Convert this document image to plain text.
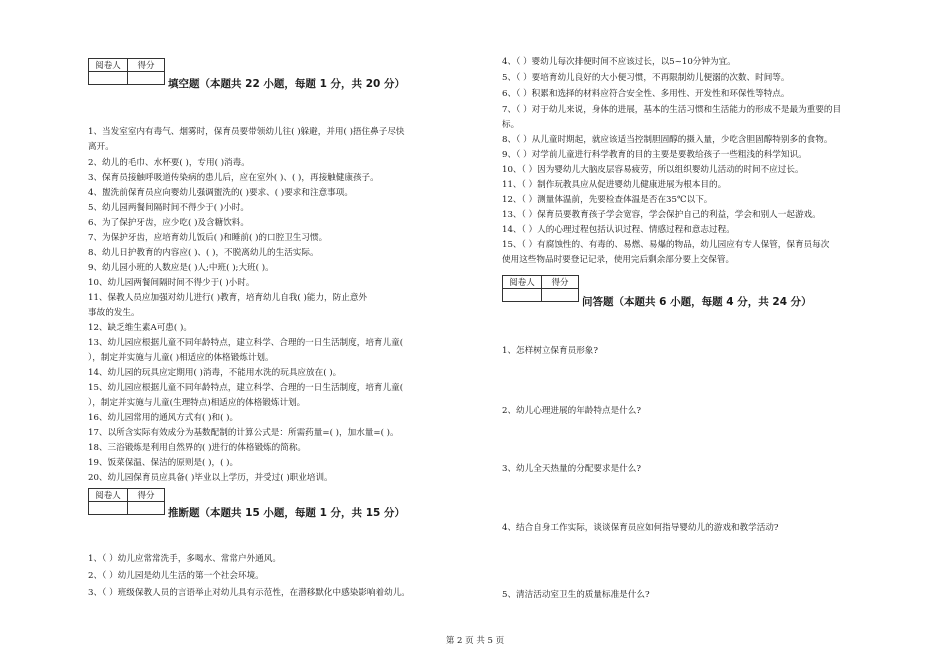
阅卷人	得分

填空题（本题共 22 小题，每题 1 分，共 20 分）
1、当发室室内有毒气、烟雾时，保育员要带领幼儿往( )躲避，并用( )捂住鼻子尽快
离开。
2、幼儿的毛巾、水杯要( )，专用( )消毒。
3、保育员接触呼吸道传染病的患儿后，应在室外( )、( )，再接触健康孩子。
4、盥洗前保育员应向婴幼儿强调盥洗的( )要求、( )要求和注意事项。
5、幼儿园两餐间隔时间不得少于( )小时。
6、为了保护牙齿，应少吃( )及含糖饮料。
7、为保护牙齿，应培育幼儿饭后( )和睡前( )的口腔卫生习惯。
8、幼儿日护教育的内容应( )、( )，不脱离幼儿的生活实际。
9、幼儿园小班的人数应是( )人;中班( );大班( )。
10、幼儿园两餐间隔时间不得少于( )小时。
11、保教人员应加强对幼儿进行( )教育，培育幼儿自我( )能力，防止意外
事故的发生。
12、缺乏维生素A可患( )。
13、幼儿园应根据儿童不同年龄特点，建立科学、合理的一日生活制度，培育儿童(
），制定并实施与儿童( )相适应的体格锻炼计划。
14、幼儿园的玩具应定期用( )消毒，不能用水洗的玩具应放在( )。
15、幼儿园应根据儿童不同年龄特点，建立科学、合理的一日生活制度，培育儿童(
），制定并实施与儿童(生理特点)相适应的体格锻炼计划。
16、幼儿园常用的通风方式有( )和( )。
17、以所含实际有效成分为基数配制的计算公式是：所需药量=( )，加水量=( )。
18、三浴锻炼是利用自然界的( )进行的体格锻炼的简称。
19、饭菜保温、保洁的原则是( )，( )。
20、幼儿园保育员应具备( )毕业以上学历，并受过( )职业培训。
阅卷人	得分

推断题（本题共 15 小题，每题 1 分，共 15 分）
1、（ ）幼儿应常常洗手，多喝水、常常户外通风。
2、（ ）幼儿园是幼儿生活的第一个社会环境。
3、（ ）班级保教人员的言语举止对幼儿具有示范性，在潜移默化中感染影响着幼儿。
4、（ ）婴幼儿每次排便时间不应该过长，以5~10分钟为宜。
5、（ ）要培育幼儿良好的大小便习惯，不再限制幼儿便溺的次数、时间等。
6、（ ）积累和选择的材料应符合安全性、多用性、开发性和环保性等特点。
7、（ ）对于幼儿来说，身体的进展，基本的生活习惯和生活能力的形成不是最为重要的目
标。
8、（ ）从儿童时期起，就应该适当控制胆固醇的摄入量，少吃含胆固醇特别多的食物。
9、（ ）对学前儿童进行科学教育的目的主要是要教给孩子一些粗浅的科学知识。
10、（ ）因为婴幼儿大脑皮层容易疲劳，所以组织婴幼儿活动的时间不应过长。
11、（ ）制作玩教具应从促进婴幼儿健康进展为根本目的。
12、（ ）测量体温前，先要检查体温是否在35℃以下。
13、（ ）保育员要教育孩子学会宽容，学会保护自己的利益，学会和别人一起游戏。
14、（ ）人的心理过程包括认识过程、情感过程和意志过程。
15、（ ）有腐蚀性的、有毒的、易燃、易爆的物品，幼儿园应有专人保管，保育员每次
使用这些物品时要登记记录，使用完后剩余部分要上交保管。
阅卷人	得分

问答题（本题共 6 小题，每题 4 分，共 24 分）
1、怎样树立保育员形象?
2、幼儿心理进展的年龄特点是什么?
3、幼儿全天热量的分配要求是什么?
4、结合自身工作实际，谈谈保育员应如何指导婴幼儿的游戏和教学活动?
5、清洁活动室卫生的质量标准是什么?
第 2 页 共 5 页
